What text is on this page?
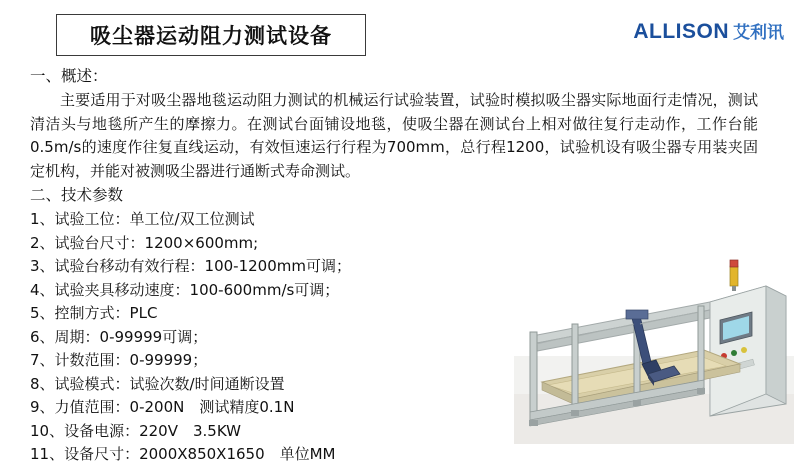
吸尘器运动阻力测试设备	ALLISON 艾利讯

一、概述：

主要适用于对吸尘器地毯运动阻力测试的机械运行试验装置，试验时模拟吸尘器实际地面行走情况，测试清洁头与地毯所产生的摩擦力。在测试台面铺设地毯，使吸尘器在测试台上相对做往复行走动作，工作台能0.5m/s的速度作往复直线运动，有效恒速运行行程为700mm，总行程1200，试验机设有吸尘器专用装夹固定机构，并能对被测吸尘器进行通断式寿命测试。

二、技术参数

1、试验工位：单工位/双工位测试
2、试验台尺寸：1200×600mm;
3、试验台移动有效行程：100-1200mm可调；
4、试验夹具移动速度：100-600mm/s可调；
5、控制方式：PLC
6、周期：0-99999可调；
7、计数范围：0-99999；
8、试验模式：试验次数/时间通断设置
9、力值范围：0-200N　测试精度0.1N
10、设备电源：220V　3.5KW
11、设备尺寸：2000X850X1650　单位MM
